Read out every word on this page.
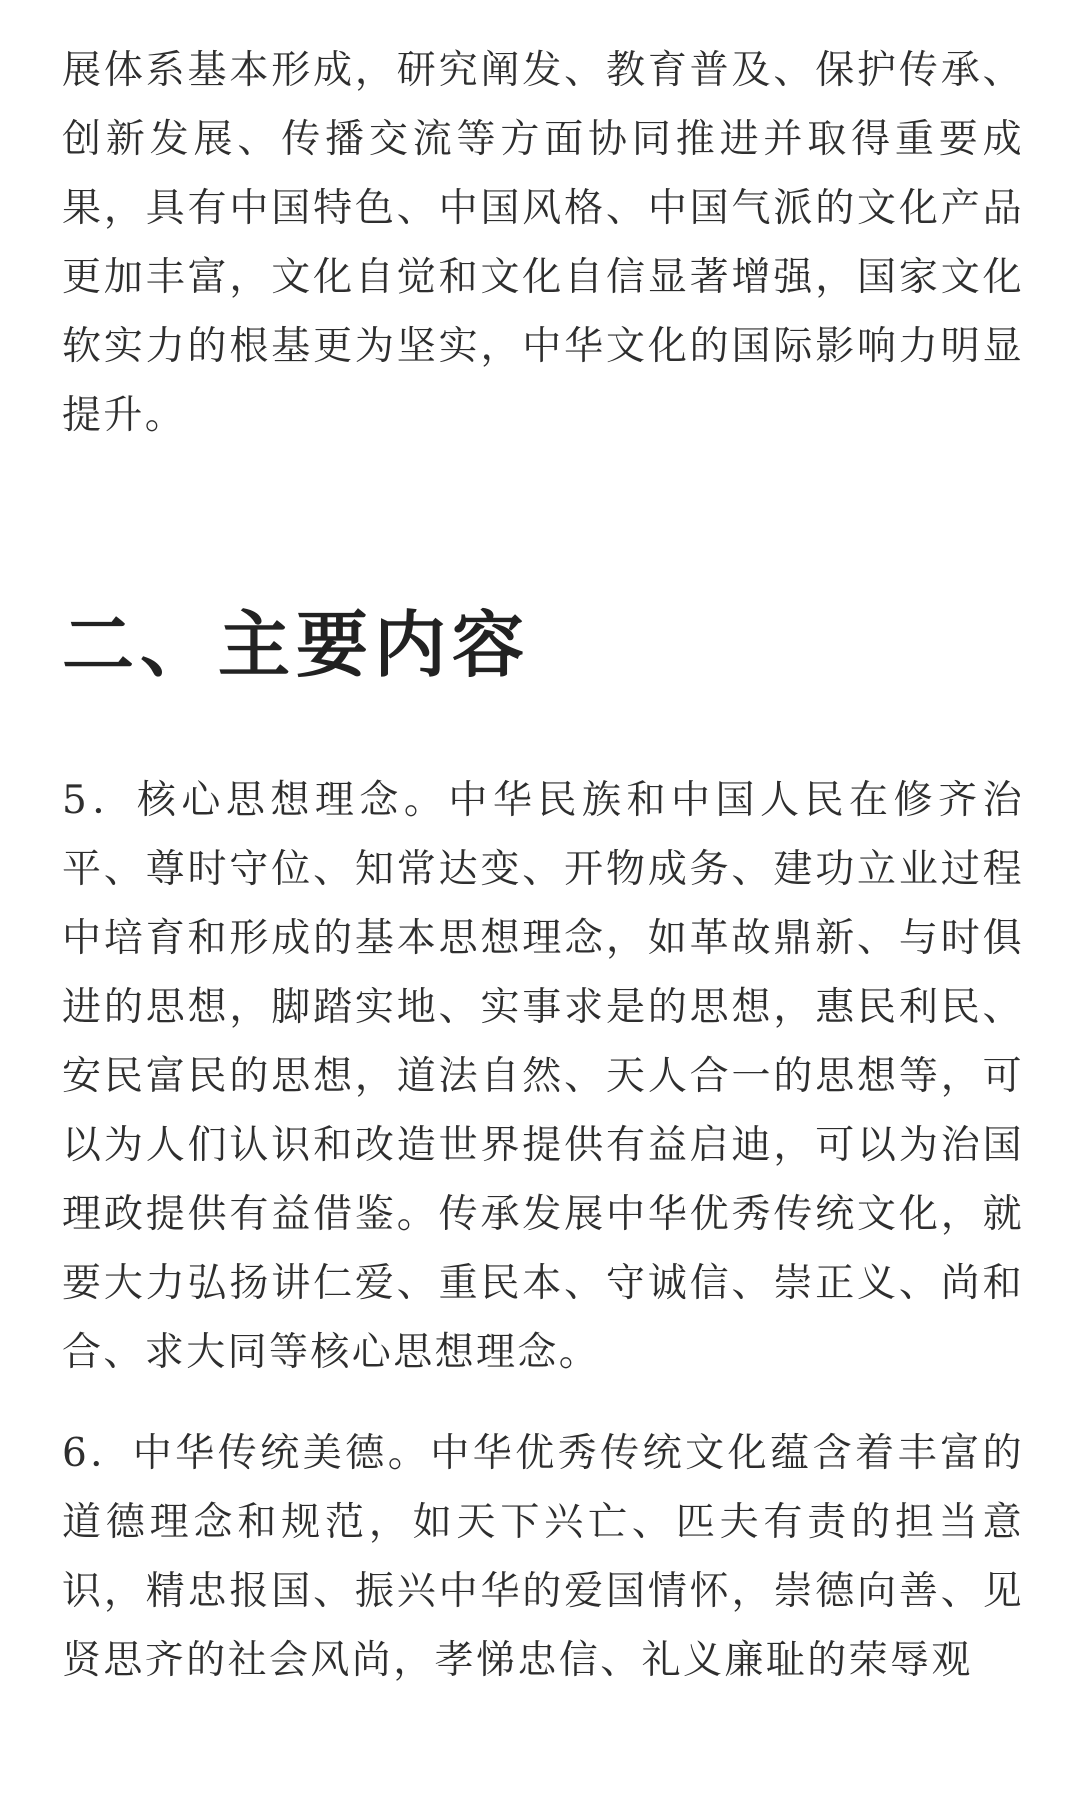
展体系基本形成，研究阐发、教育普及、保护传承、创新发展、传播交流等方面协同推进并取得重要成果，具有中国特色、中国风格、中国气派的文化产品更加丰富，文化自觉和文化自信显著增强，国家文化软实力的根基更为坚实，中华文化的国际影响力明显提升。

二、主要内容

5．核心思想理念。中华民族和中国人民在修齐治平、尊时守位、知常达变、开物成务、建功立业过程中培育和形成的基本思想理念，如革故鼎新、与时俱进的思想，脚踏实地、实事求是的思想，惠民利民、安民富民的思想，道法自然、天人合一的思想等，可以为人们认识和改造世界提供有益启迪，可以为治国理政提供有益借鉴。传承发展中华优秀传统文化，就要大力弘扬讲仁爱、重民本、守诚信、崇正义、尚和合、求大同等核心思想理念。

6．中华传统美德。中华优秀传统文化蕴含着丰富的道德理念和规范，如天下兴亡、匹夫有责的担当意识，精忠报国、振兴中华的爱国情怀，崇德向善、见贤思齐的社会风尚，孝悌忠信、礼义廉耻的荣辱观
